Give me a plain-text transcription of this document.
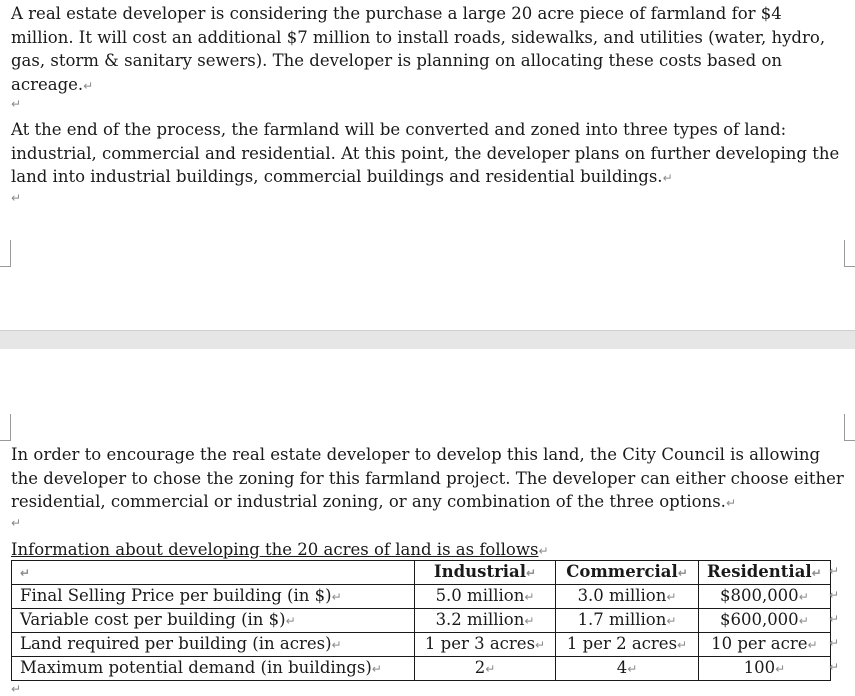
A real estate developer is considering the purchase a large 20 acre piece of farmland for $4 million. It will cost an additional $7 million to install roads, sidewalks, and utilities (water, hydro, gas, storm & sanitary sewers). The developer is planning on allocating these costs based on acreage.↵

↵

At the end of the process, the farmland will be converted and zoned into three types of land: industrial, commercial and residential. At this point, the developer plans on further developing the land into industrial buildings, commercial buildings and residential buildings.↵

↵

In order to encourage the real estate developer to develop this land, the City Council is allowing the developer to chose the zoning for this farmland project. The developer can either choose either residential, commercial or industrial zoning, or any combination of the three options.↵

↵

Information about developing the 20 acres of land is as follows↵

↵	Industrial↵	Commercial↵	Residential↵
Final Selling Price per building (in $)↵	5.0 million↵	3.0 million↵	$800,000↵
Variable cost per building (in $)↵	3.2 million↵	1.7 million↵	$600,000↵
Land required per building (in acres)↵	1 per 3 acres↵	1 per 2 acres↵	10 per acre↵
Maximum potential demand (in buildings)↵	2↵	4↵	100↵
↵
↵
↵
↵
↵
↵
